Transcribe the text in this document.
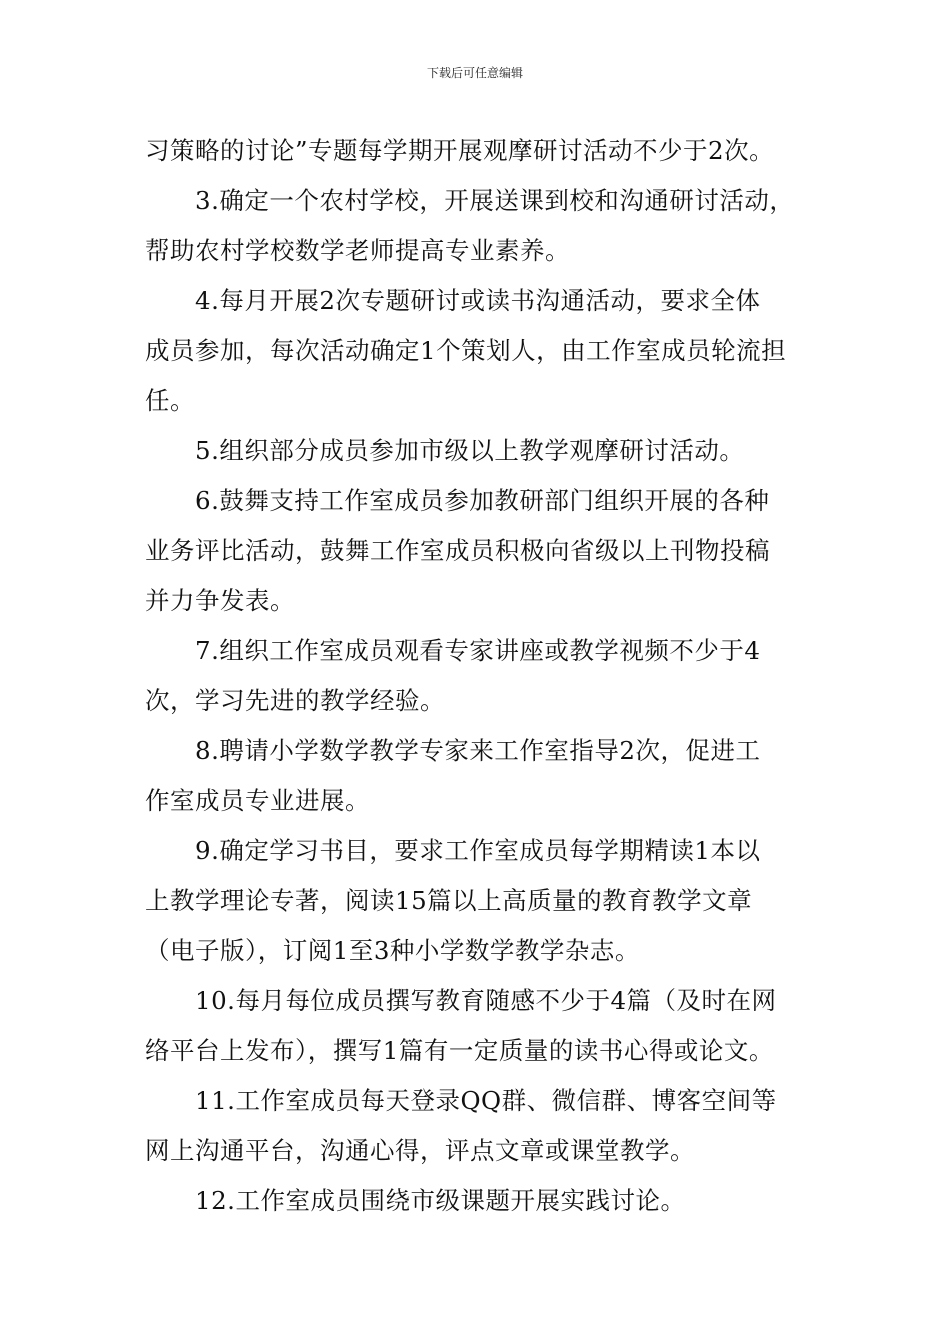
下载后可任意编辑
习策略的讨论”专题每学期开展观摩研讨活动不少于2次。
3.确定一个农村学校，开展送课到校和沟通研讨活动，
帮助农村学校数学老师提高专业素养。
4.每月开展2次专题研讨或读书沟通活动，要求全体
成员参加，每次活动确定1个策划人，由工作室成员轮流担
任。
5.组织部分成员参加市级以上教学观摩研讨活动。
6.鼓舞支持工作室成员参加教研部门组织开展的各种
业务评比活动，鼓舞工作室成员积极向省级以上刊物投稿
并力争发表。
7.组织工作室成员观看专家讲座或教学视频不少于4
次，学习先进的教学经验。
8.聘请小学数学教学专家来工作室指导2次，促进工
作室成员专业进展。
9.确定学习书目，要求工作室成员每学期精读1本以
上教学理论专著，阅读15篇以上高质量的教育教学文章
（电子版），订阅1至3种小学数学教学杂志。
10.每月每位成员撰写教育随感不少于4篇（及时在网
络平台上发布），撰写1篇有一定质量的读书心得或论文。
11.工作室成员每天登录QQ群、微信群、博客空间等
网上沟通平台，沟通心得，评点文章或课堂教学。
12.工作室成员围绕市级课题开展实践讨论。
